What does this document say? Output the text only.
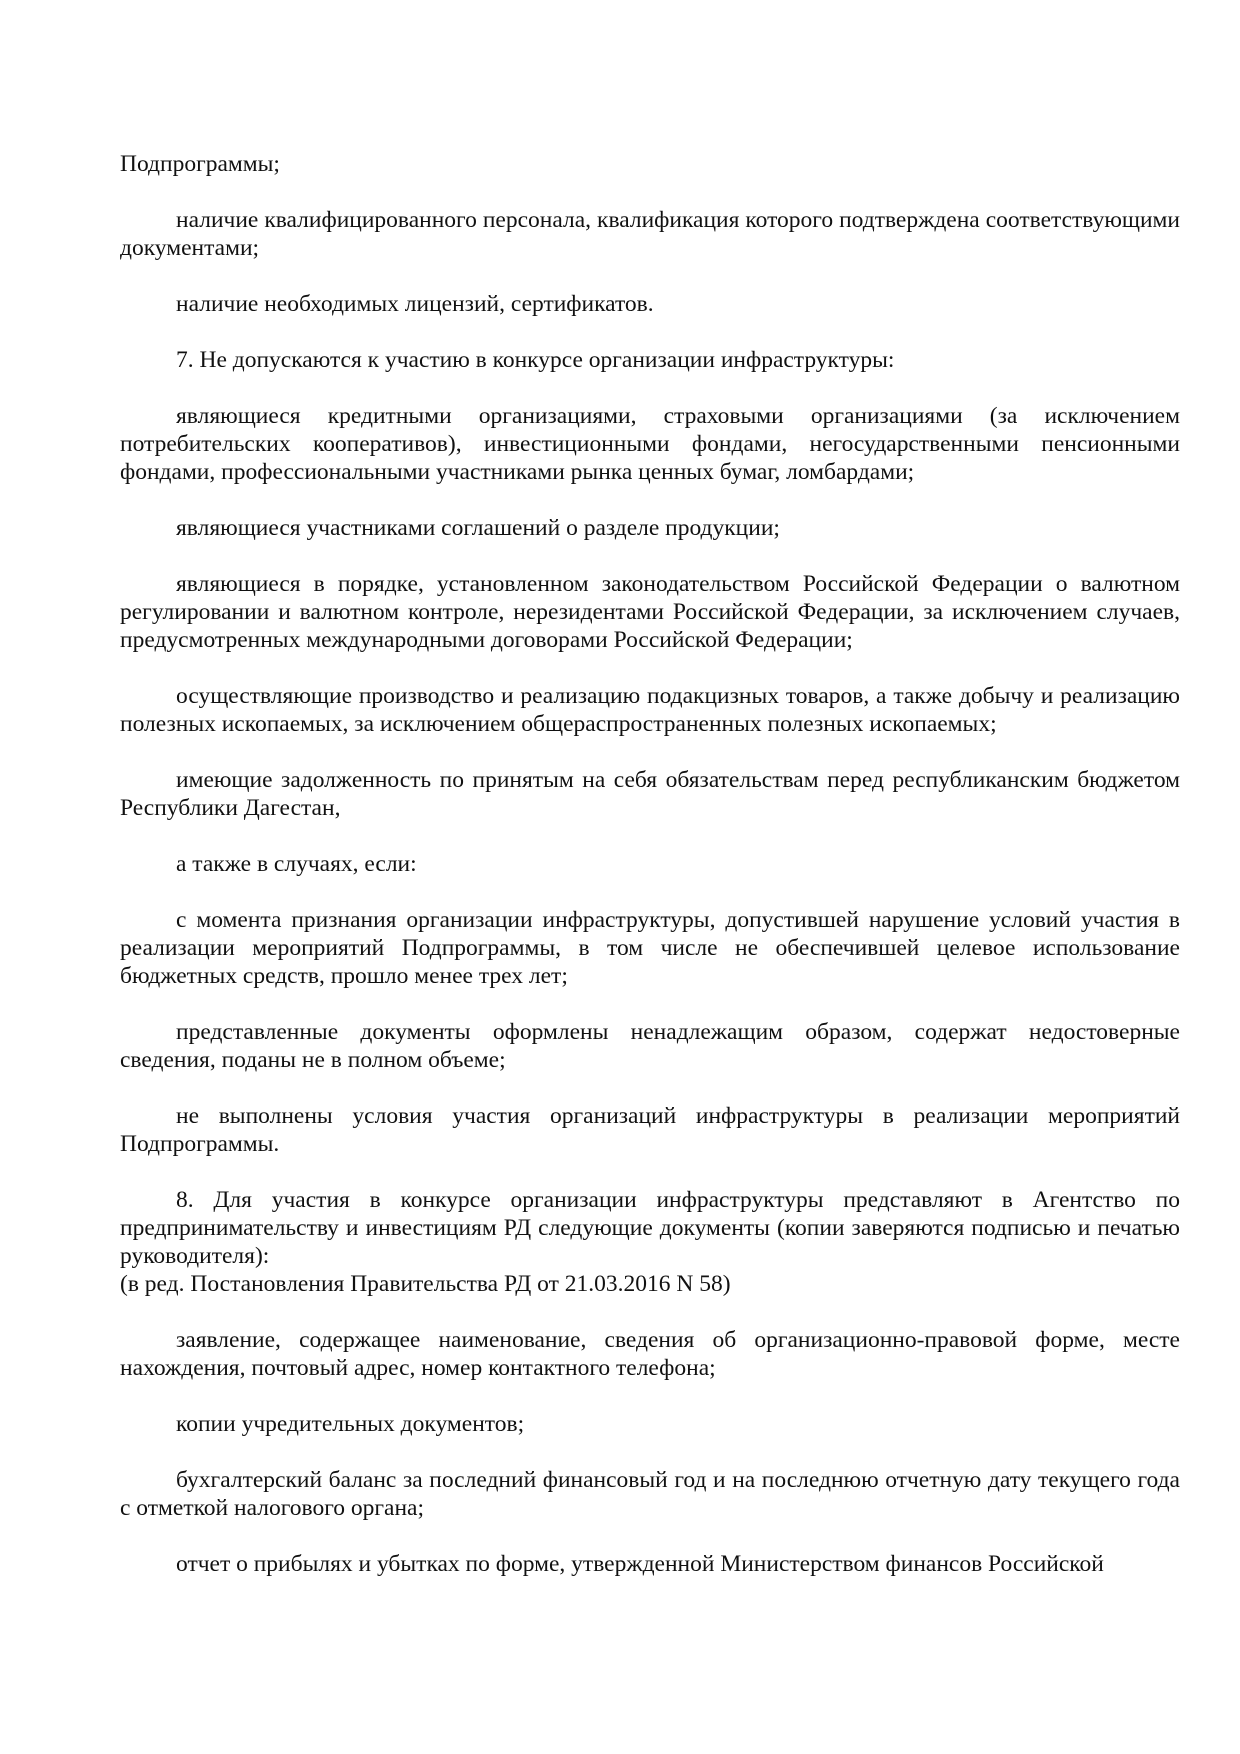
Подпрограммы;

наличие квалифицированного персонала, квалификация которого подтверждена соответствующими документами;

наличие необходимых лицензий, сертификатов.

7. Не допускаются к участию в конкурсе организации инфраструктуры:

являющиеся кредитными организациями, страховыми организациями (за исключением потребительских кооперативов), инвестиционными фондами, негосударственными пенсионными фондами, профессиональными участниками рынка ценных бумаг, ломбардами;

являющиеся участниками соглашений о разделе продукции;

являющиеся в порядке, установленном законодательством Российской Федерации о валютном регулировании и валютном контроле, нерезидентами Российской Федерации, за исключением случаев, предусмотренных международными договорами Российской Федерации;

осуществляющие производство и реализацию подакцизных товаров, а также добычу и реализацию полезных ископаемых, за исключением общераспространенных полезных ископаемых;

имеющие задолженность по принятым на себя обязательствам перед республиканским бюджетом Республики Дагестан,

а также в случаях, если:

с момента признания организации инфраструктуры, допустившей нарушение условий участия в реализации мероприятий Подпрограммы, в том числе не обеспечившей целевое использование бюджетных средств, прошло менее трех лет;

представленные документы оформлены ненадлежащим образом, содержат недостоверные сведения, поданы не в полном объеме;

не выполнены условия участия организаций инфраструктуры в реализации мероприятий Подпрограммы.

8. Для участия в конкурсе организации инфраструктуры представляют в Агентство по предпринимательству и инвестициям РД следующие документы (копии заверяются подписью и печатью руководителя):

(в ред. Постановления Правительства РД от 21.03.2016 N 58)

заявление, содержащее наименование, сведения об организационно-правовой форме, месте нахождения, почтовый адрес, номер контактного телефона;

копии учредительных документов;

бухгалтерский баланс за последний финансовый год и на последнюю отчетную дату текущего года с отметкой налогового органа;

отчет о прибылях и убытках по форме, утвержденной Министерством финансов Российской
